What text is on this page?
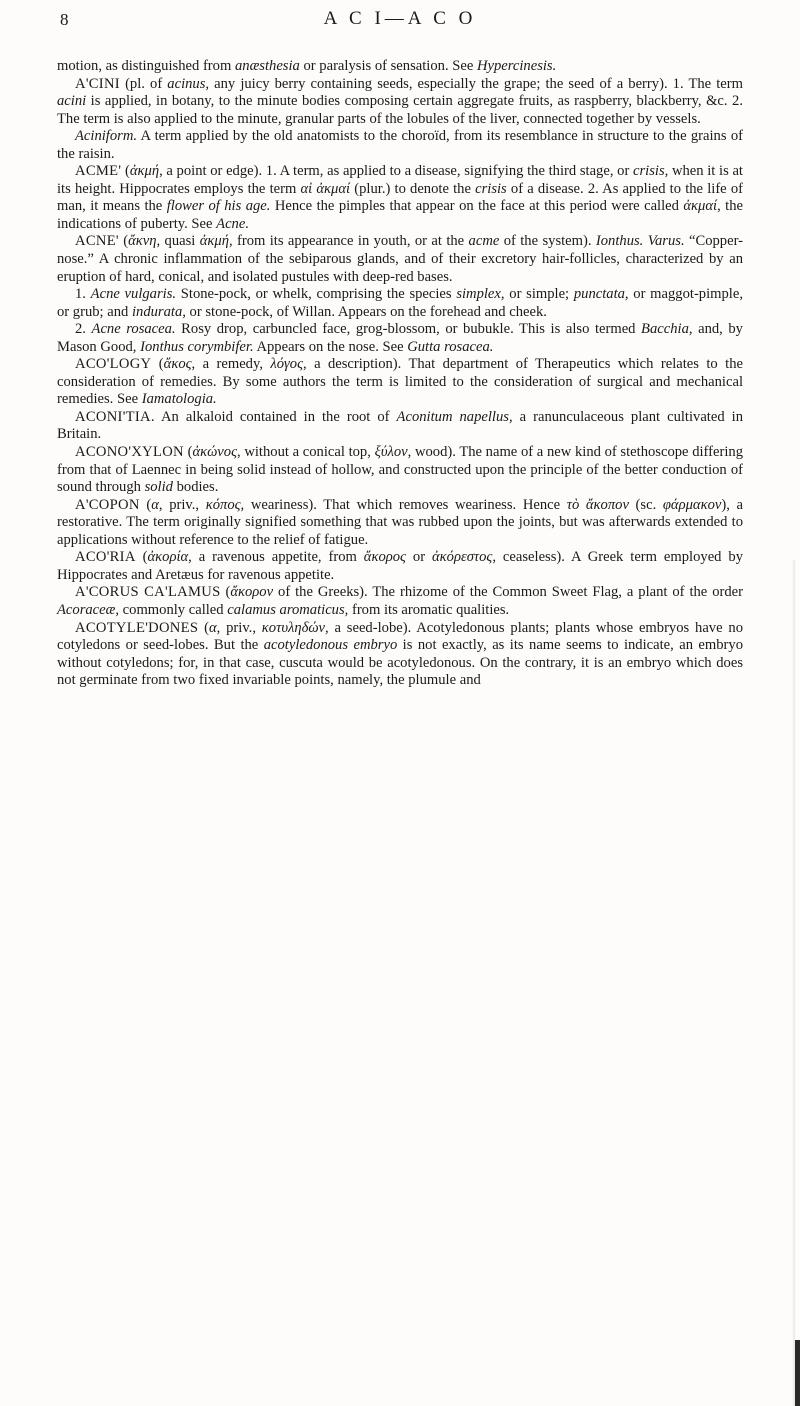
8	A C I—A C O

motion, as distinguished from anæsthesia or paralysis of sensation. See Hypercinesis.

A'CINI (pl. of acinus, any juicy berry containing seeds, especially the grape; the seed of a berry). 1. The term acini is applied, in botany, to the minute bodies composing certain aggregate fruits, as raspberry, blackberry, &c. 2. The term is also applied to the minute, granular parts of the lobules of the liver, connected together by vessels.

Aciniform. A term applied by the old anatomists to the choroïd, from its resemblance in structure to the grains of the raisin.

ACME' (ἀκμή, a point or edge). 1. A term, as applied to a disease, signifying the third stage, or crisis, when it is at its height. Hippocrates employs the term αἱ ἀκμαί (plur.) to denote the crisis of a disease. 2. As applied to the life of man, it means the flower of his age. Hence the pimples that appear on the face at this period were called ἀκμαί, the indications of puberty. See Acne.

ACNE' (ἄκνη, quasi ἀκμή, from its appearance in youth, or at the acme of the system). Ionthus. Varus. “Copper-nose.” A chronic inflammation of the sebiparous glands, and of their excretory hair-follicles, characterized by an eruption of hard, conical, and isolated pustules with deep-red bases.

1. Acne vulgaris. Stone-pock, or whelk, comprising the species simplex, or simple; punctata, or maggot-pimple, or grub; and indurata, or stone-pock, of Willan. Appears on the forehead and cheek.

2. Acne rosacea. Rosy drop, carbuncled face, grog-blossom, or bubukle. This is also termed Bacchia, and, by Mason Good, Ionthus corymbifer. Appears on the nose. See Gutta rosacea.

ACO'LOGY (ἄκος, a remedy, λόγος, a description). That department of Therapeutics which relates to the consideration of remedies. By some authors the term is limited to the consideration of surgical and mechanical remedies. See Iamatologia.

ACONI'TIA. An alkaloid contained in the root of Aconitum napellus, a ranunculaceous plant cultivated in Britain.

ACONO'XYLON (ἀκώνος, without a conical top, ξύλον, wood). The name of a new kind of stethoscope differing from that of Laennec in being solid instead of hollow, and constructed upon the principle of the better conduction of sound through solid bodies.

A'COPON (α, priv., κόπος, weariness). That which removes weariness. Hence τὸ ἄκοπον (sc. φάρμακον), a restorative. The term originally signified something that was rubbed upon the joints, but was afterwards extended to applications without reference to the relief of fatigue.

ACO'RIA (ἀκορία, a ravenous appetite, from ἄκορος or ἀκόρεστος, ceaseless). A Greek term employed by Hippocrates and Aretæus for ravenous appetite.

A'CORUS CA'LAMUS (ἄκορον of the Greeks). The rhizome of the Common Sweet Flag, a plant of the order Acoraceæ, commonly called calamus aromaticus, from its aromatic qualities.

ACOTYLE'DONES (α, priv., κοτυληδών, a seed-lobe). Acotyledonous plants; plants whose embryos have no cotyledons or seed-lobes. But the acotyledonous embryo is not exactly, as its name seems to indicate, an embryo without cotyledons; for, in that case, cuscuta would be acotyledonous. On the contrary, it is an embryo which does not germinate from two fixed invariable points, namely, the plumule and
